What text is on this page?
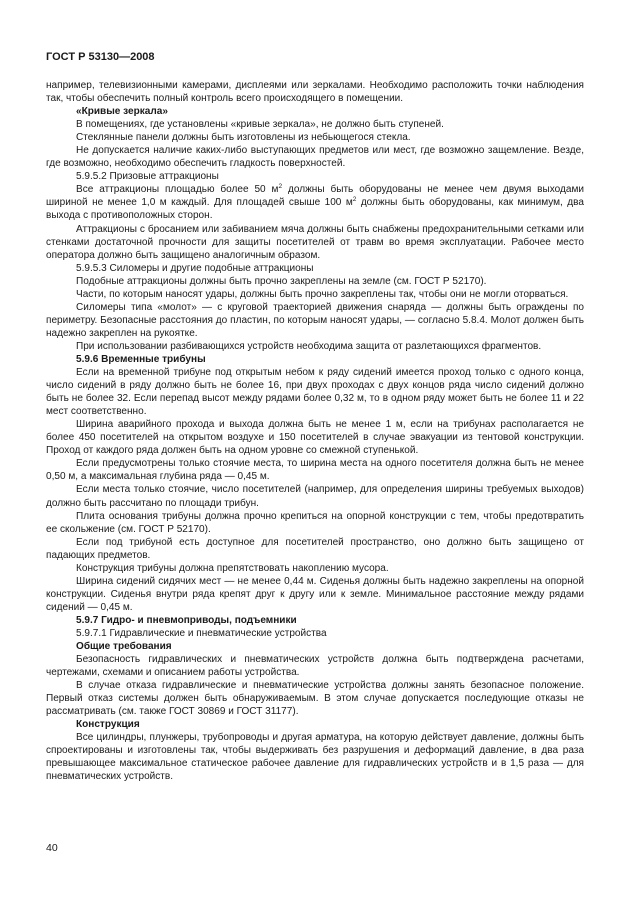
ГОСТ Р 53130—2008

например, телевизионными камерами, дисплеями или зеркалами. Необходимо расположить точки наблюдения так, чтобы обеспечить полный контроль всего происходящего в помещении.

«Кривые зеркала»

В помещениях, где установлены «кривые зеркала», не должно быть ступеней.

Стеклянные панели должны быть изготовлены из небьющегося стекла.

Не допускается наличие каких-либо выступающих предметов или мест, где возможно защемление. Везде, где возможно, необходимо обеспечить гладкость поверхностей.

5.9.5.2 Призовые аттракционы

Все аттракционы площадью более 50 $м^2$ должны быть оборудованы не менее чем двумя выходами шириной не менее 1,0 м каждый. Для площадей свыше 100 $м^2$ должны быть оборудованы, как минимум, два выхода с противоположных сторон.

Аттракционы с бросанием или забиванием мяча должны быть снабжены предохранительными сетками или стенками достаточной прочности для защиты посетителей от травм во время эксплуатации. Рабочее место оператора должно быть защищено аналогичным образом.

5.9.5.3 Силомеры и другие подобные аттракционы

Подобные аттракционы должны быть прочно закреплены на земле (см. ГОСТ Р 52170).

Части, по которым наносят удары, должны быть прочно закреплены так, чтобы они не могли оторваться.

Силомеры типа «молот» — с круговой траекторией движения снаряда — должны быть ограждены по периметру. Безопасные расстояния до пластин, по которым наносят удары, — согласно 5.8.4. Молот должен быть надежно закреплен на рукоятке.

При использовании разбивающихся устройств необходима защита от разлетающихся фрагментов.

5.9.6 Временные трибуны

Если на временной трибуне под открытым небом к ряду сидений имеется проход только с одного конца, число сидений в ряду должно быть не более 16, при двух проходах с двух концов ряда число сидений должно быть не более 32. Если перепад высот между рядами более 0,32 м, то в одном ряду может быть не более 11 и 22 мест соответственно.

Ширина аварийного прохода и выхода должна быть не менее 1 м, если на трибунах располагается не более 450 посетителей на открытом воздухе и 150 посетителей в случае эвакуации из тентовой конструкции. Проход от каждого ряда должен быть на одном уровне со смежной ступенькой.

Если предусмотрены только стоячие места, то ширина места на одного посетителя должна быть не менее 0,50 м, а максимальная глубина ряда — 0,45 м.

Если места только стоячие, число посетителей (например, для определения ширины требуемых выходов) должно быть рассчитано по площади трибун.

Плита основания трибуны должна прочно крепиться на опорной конструкции с тем, чтобы предотвратить ее скольжение (см. ГОСТ Р 52170).

Если под трибуной есть доступное для посетителей пространство, оно должно быть защищено от падающих предметов.

Конструкция трибуны должна препятствовать накоплению мусора.

Ширина сидений сидячих мест — не менее 0,44 м. Сиденья должны быть надежно закреплены на опорной конструкции. Сиденья внутри ряда крепят друг к другу или к земле. Минимальное расстояние между рядами сидений — 0,45 м.

5.9.7 Гидро- и пневмоприводы, подъемники

5.9.7.1 Гидравлические и пневматические устройства

Общие требования

Безопасность гидравлических и пневматических устройств должна быть подтверждена расчетами, чертежами, схемами и описанием работы устройства.

В случае отказа гидравлические и пневматические устройства должны занять безопасное положение. Первый отказ системы должен быть обнаруживаемым. В этом случае допускается последующие отказы не рассматривать (см. также ГОСТ 30869 и ГОСТ 31177).

Конструкция

Все цилиндры, плунжеры, трубопроводы и другая арматура, на которую действует давление, должны быть спроектированы и изготовлены так, чтобы выдерживать без разрушения и деформаций давление, в два раза превышающее максимальное статическое рабочее давление для гидравлических устройств и в 1,5 раза — для пневматических устройств.

40
